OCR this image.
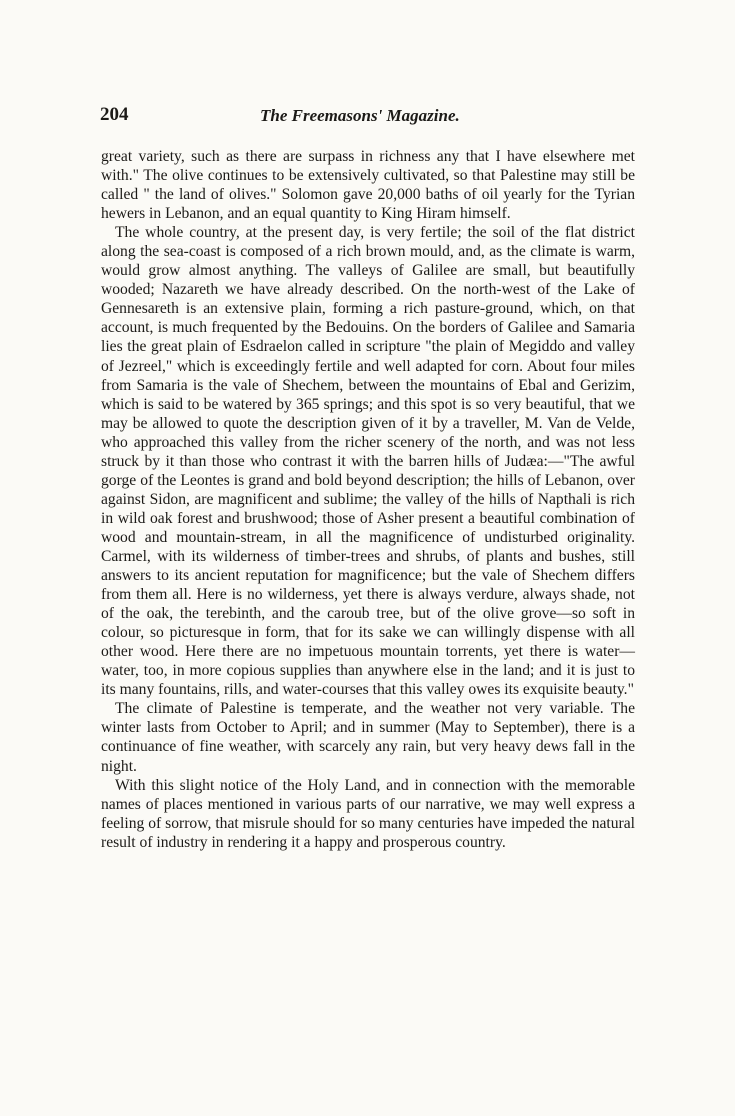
204	The Freemasons' Magazine.

great variety, such as there are surpass in richness any that I have elsewhere met with." The olive continues to be extensively cultivated, so that Palestine may still be called " the land of olives." Solomon gave 20,000 baths of oil yearly for the Tyrian hewers in Lebanon, and an equal quantity to King Hiram himself.

The whole country, at the present day, is very fertile; the soil of the flat district along the sea-coast is composed of a rich brown mould, and, as the climate is warm, would grow almost anything. The valleys of Galilee are small, but beautifully wooded; Nazareth we have already described. On the north-west of the Lake of Gennesareth is an extensive plain, forming a rich pasture-ground, which, on that account, is much frequented by the Bedouins. On the borders of Galilee and Samaria lies the great plain of Esdraelon called in scripture "the plain of Megiddo and valley of Jezreel," which is exceedingly fertile and well adapted for corn. About four miles from Samaria is the vale of Shechem, between the mountains of Ebal and Gerizim, which is said to be watered by 365 springs; and this spot is so very beautiful, that we may be allowed to quote the description given of it by a traveller, M. Van de Velde, who approached this valley from the richer scenery of the north, and was not less struck by it than those who contrast it with the barren hills of Judæa:—"The awful gorge of the Leontes is grand and bold beyond description; the hills of Lebanon, over against Sidon, are magnificent and sublime; the valley of the hills of Napthali is rich in wild oak forest and brushwood; those of Asher present a beautiful combination of wood and mountain-stream, in all the magnificence of undisturbed originality. Carmel, with its wilderness of timber-trees and shrubs, of plants and bushes, still answers to its ancient reputation for magnificence; but the vale of Shechem differs from them all. Here is no wilderness, yet there is always verdure, always shade, not of the oak, the terebinth, and the caroub tree, but of the olive grove—so soft in colour, so picturesque in form, that for its sake we can willingly dispense with all other wood. Here there are no impetuous mountain torrents, yet there is water—water, too, in more copious supplies than anywhere else in the land; and it is just to its many fountains, rills, and water-courses that this valley owes its exquisite beauty."

The climate of Palestine is temperate, and the weather not very variable. The winter lasts from October to April; and in summer (May to September), there is a continuance of fine weather, with scarcely any rain, but very heavy dews fall in the night.

With this slight notice of the Holy Land, and in connection with the memorable names of places mentioned in various parts of our narrative, we may well express a feeling of sorrow, that misrule should for so many centuries have impeded the natural result of industry in rendering it a happy and prosperous country.
